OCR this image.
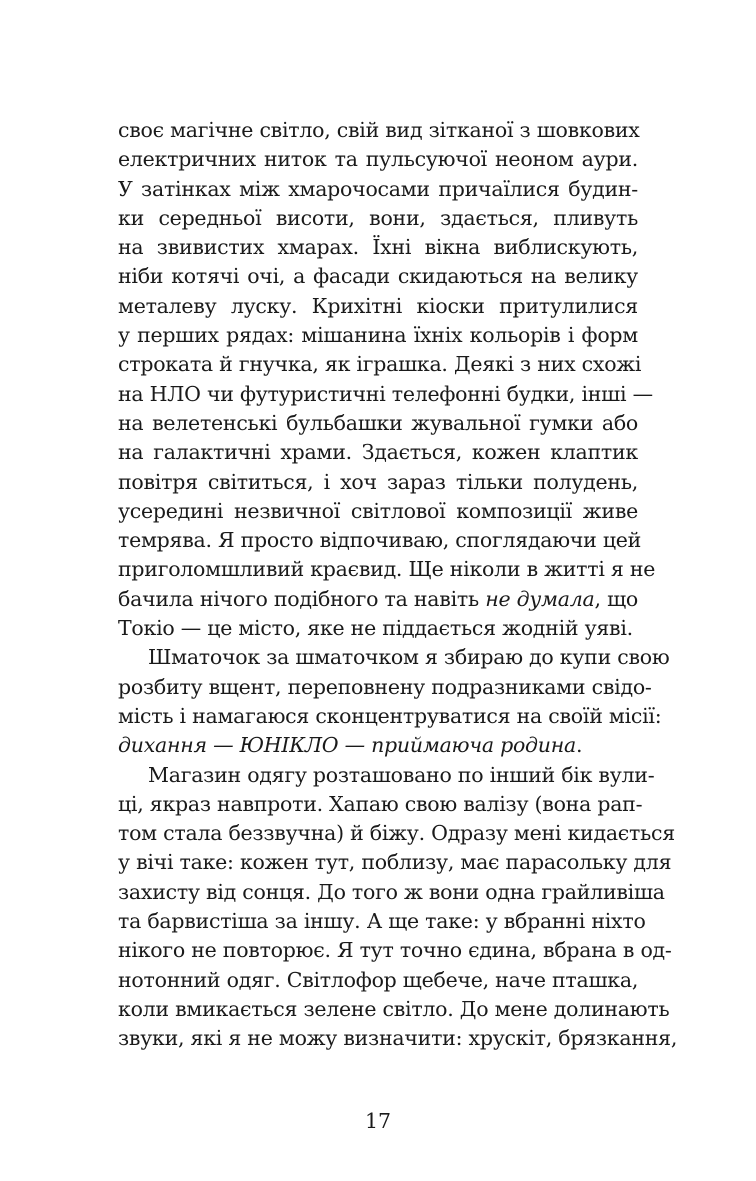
своє магічне світло, свій вид зітканої з шовкових
електричних ниток та пульсуючої неоном аури.
У затінках між хмарочосами причаїлися будин-
ки середньої висоти, вони, здається, пливуть
на звивистих хмарах. Їхні вікна виблискують,
ніби котячі очі, а фасади скидаються на велику
металеву луску. Крихітні кіоски притулилися
у перших рядах: мішанина їхніх кольорів і форм
строката й гнучка, як іграшка. Деякі з них схожі
на НЛО чи футуристичні телефонні будки, інші —
на велетенські бульбашки жувальної гумки або
на галактичні храми. Здається, кожен клаптик
повітря світиться, і хоч зараз тільки полудень,
усередині незвичної світлової композиції живе
темрява. Я просто відпочиваю, споглядаючи цей
приголомшливий краєвид. Ще ніколи в житті я не
бачила нічого подібного та навіть не думала, що
Токіо — це місто, яке не піддається жодній уяві.
Шматочок за шматочком я збираю до купи свою
розбиту вщент, переповнену подразниками свідо-
мість і намагаюся сконцентруватися на своїй місії:
дихання — ЮНІКЛО — приймаюча родина.
Магазин одягу розташовано по інший бік вули-
ці, якраз навпроти. Хапаю свою валізу (вона рап-
том стала беззвучна) й біжу. Одразу мені кидається
у вічі таке: кожен тут, поблизу, має парасольку для
захисту від сонця. До того ж вони одна грайливіша
та барвистіша за іншу. А ще таке: у вбранні ніхто
нікого не повторює. Я тут точно єдина, вбрана в од-
нотонний одяг. Світлофор щебече, наче пташка,
коли вмикається зелене світло. До мене долинають
звуки, які я не можу визначити: хрускіт, брязкання,
17
